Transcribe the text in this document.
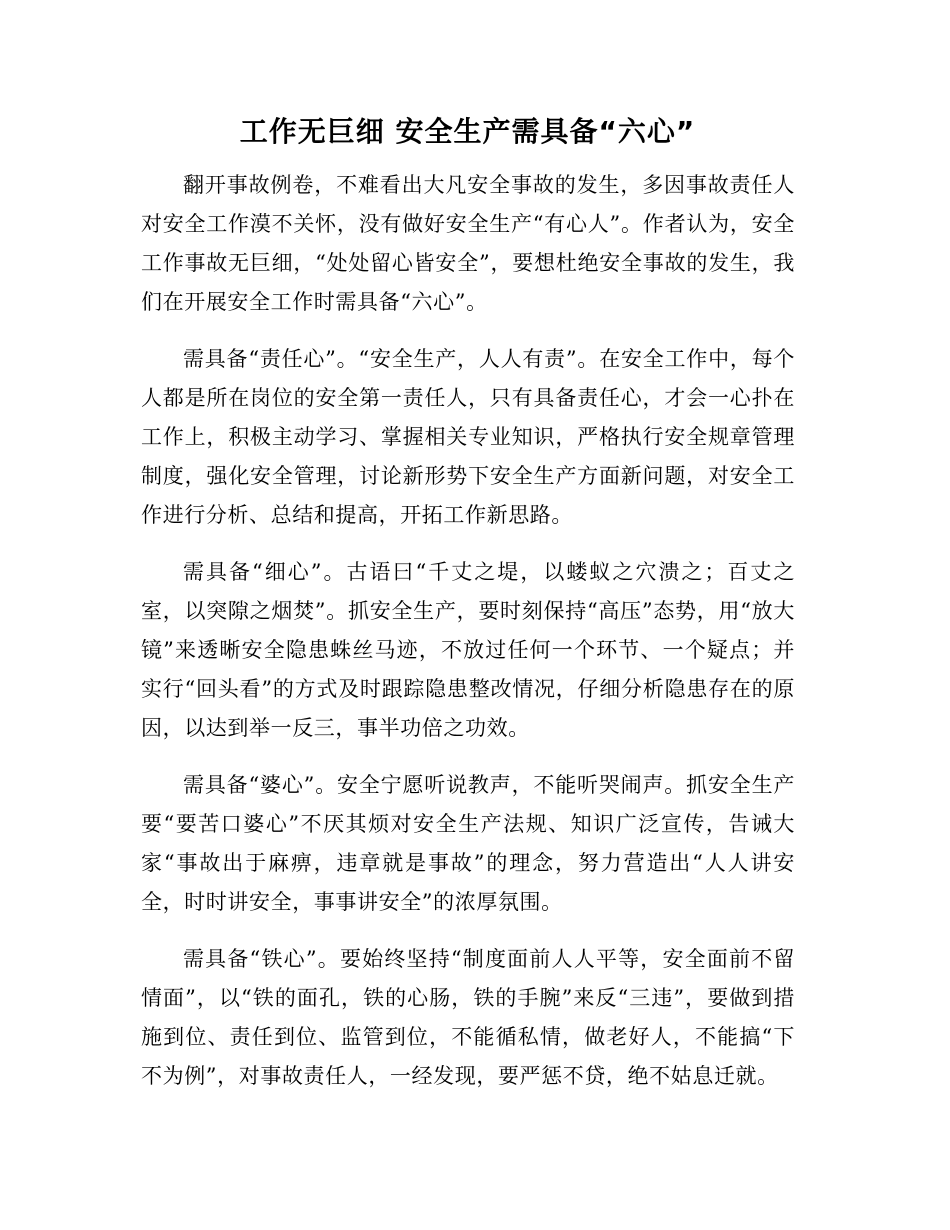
工作无巨细 安全生产需具备“六心”

翻开事故例卷，不难看出大凡安全事故的发生，多因事故责任人对安全工作漠不关怀，没有做好安全生产“有心人”。作者认为，安全工作事故无巨细，“处处留心皆安全”，要想杜绝安全事故的发生，我们在开展安全工作时需具备“六心”。

需具备“责任心”。“安全生产，人人有责”。在安全工作中，每个人都是所在岗位的安全第一责任人，只有具备责任心，才会一心扑在工作上，积极主动学习、掌握相关专业知识，严格执行安全规章管理制度，强化安全管理，讨论新形势下安全生产方面新问题，对安全工作进行分析、总结和提高，开拓工作新思路。

需具备“细心”。古语曰“千丈之堤，以蝼蚁之穴溃之；百丈之室，以突隙之烟焚”。抓安全生产，要时刻保持“高压”态势，用“放大镜”来透晰安全隐患蛛丝马迹，不放过任何一个环节、一个疑点；并实行“回头看”的方式及时跟踪隐患整改情况，仔细分析隐患存在的原因，以达到举一反三，事半功倍之功效。

需具备“婆心”。安全宁愿听说教声，不能听哭闹声。抓安全生产要“要苦口婆心”不厌其烦对安全生产法规、知识广泛宣传，告诫大家“事故出于麻痹，违章就是事故”的理念，努力营造出“人人讲安全，时时讲安全，事事讲安全”的浓厚氛围。

需具备“铁心”。要始终坚持“制度面前人人平等，安全面前不留情面”，以“铁的面孔，铁的心肠，铁的手腕”来反“三违”，要做到措施到位、责任到位、监管到位，不能循私情，做老好人，不能搞“下不为例”，对事故责任人，一经发现，要严惩不贷，绝不姑息迁就。
